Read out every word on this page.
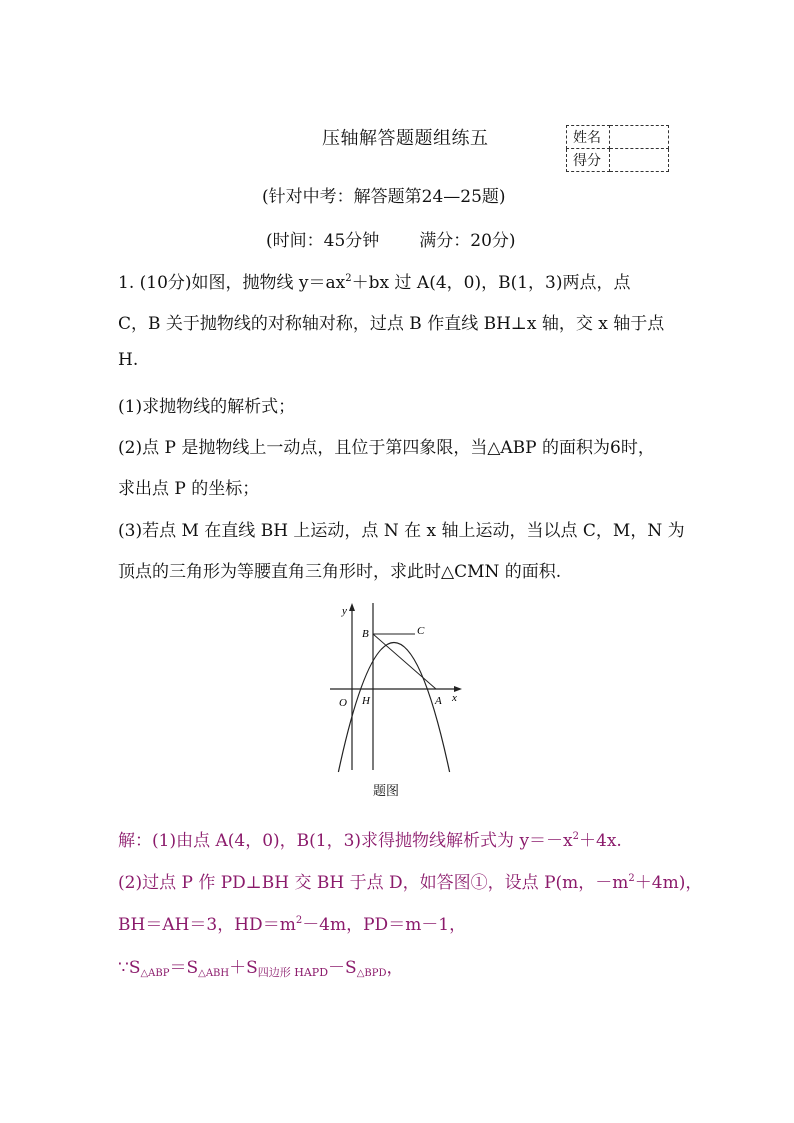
压轴解答题题组练五	姓名	
得分	
(针对中考：解答题第24—25题)
(时间：45分钟 满分：20分)
1. (10分)如图，抛物线 $y=ax^2+bx$ 过 A(4，0)，B(1，3)两点，点
C，B 关于抛物线的对称轴对称，过点 B 作直线 BH⊥x 轴，交 x 轴于点
H.
(1)求抛物线的解析式；
(2)点 P 是抛物线上一动点，且位于第四象限，当△ABP 的面积为6时，
求出点 P 的坐标；
(3)若点 M 在直线 BH 上运动，点 N 在 x 轴上运动，当以点 C，M，N 为
顶点的三角形为等腰直角三角形时，求此时△CMN 的面积.
y
x
O H	A
B	C
题图
解：(1)由点 A(4，0)，B(1，3)求得抛物线解析式为 $y=-x^2+4x$.
(2)过点 P 作 PD⊥BH 交 BH 于点 D，如答图①，设点 P(m，$-m^2+4m$)，
BH＝AH＝3，$HD=m^2-4m$，PD＝m－1，
$\because S_{\triangle ABP}=S_{\triangle ABH}+S_{四边形 HAPD}-S_{\triangle BPD}$，
